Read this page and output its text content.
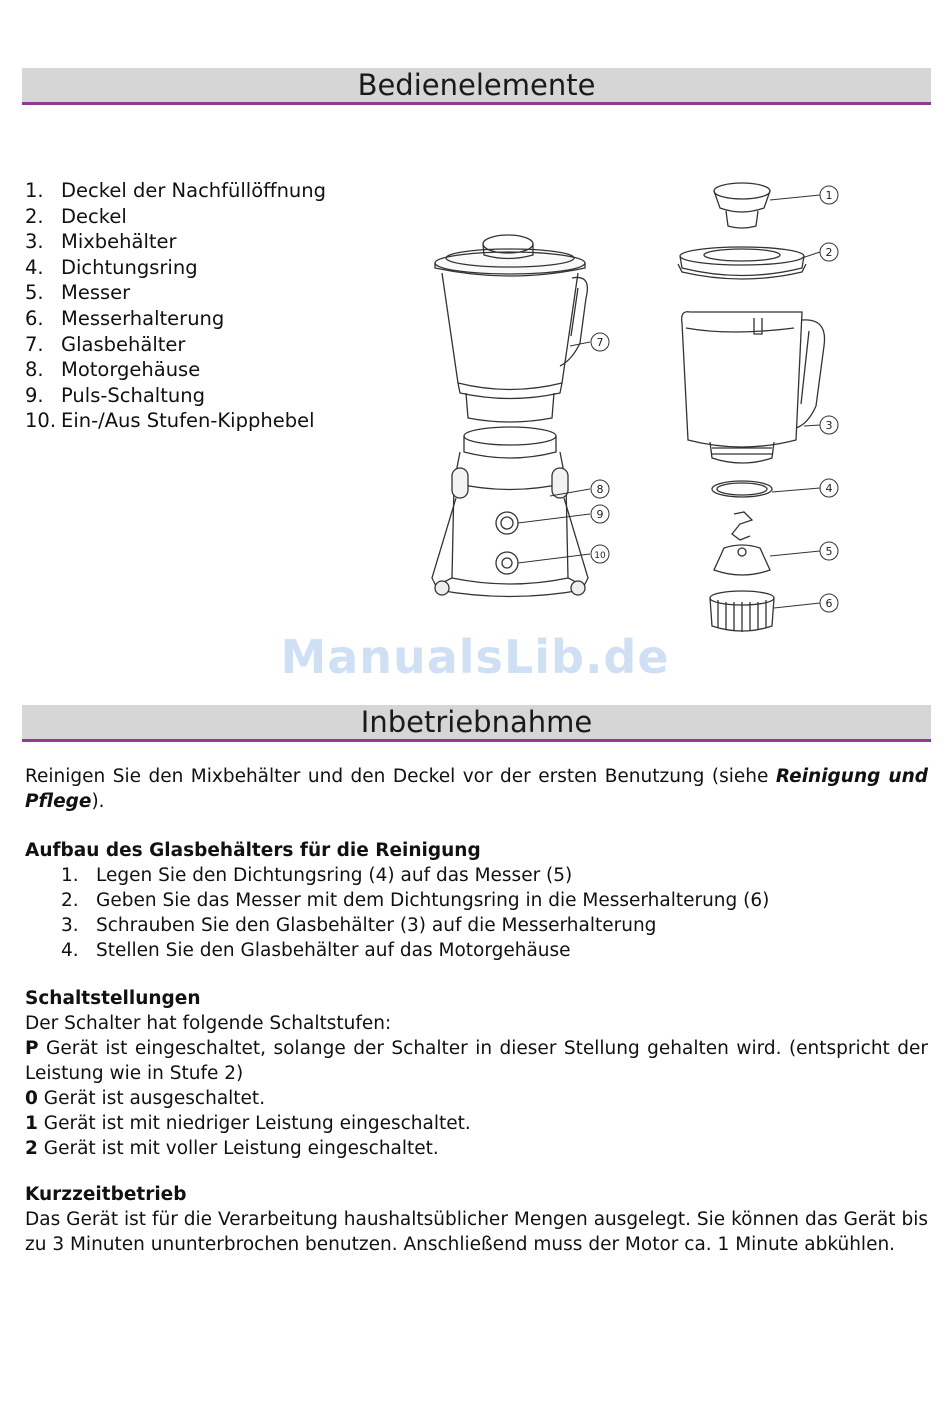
Bedienelemente
1. Deckel der Nachfüllöffnung
2. Deckel
3. Mixbehälter
4. Dichtungsring
5. Messer
6. Messerhalterung
7. Glasbehälter
8. Motorgehäuse
9. Puls-Schaltung
10. Ein-/Aus Stufen-Kipphebel
1
2
3
4
5
6
7
8
9
10
ManualsLib.de
Inbetriebnahme
Reinigen Sie den Mixbehälter und den Deckel vor der ersten Benutzung (siehe Reinigung und Pflege).
Aufbau des Glasbehälters für die Reinigung
1. Legen Sie den Dichtungsring (4) auf das Messer (5)
2. Geben Sie das Messer mit dem Dichtungsring in die Messerhalterung (6)
3. Schrauben Sie den Glasbehälter (3) auf die Messerhalterung
4. Stellen Sie den Glasbehälter auf das Motorgehäuse
Schaltstellungen
Der Schalter hat folgende Schaltstufen:
P Gerät ist eingeschaltet, solange der Schalter in dieser Stellung gehalten wird. (entspricht der Leistung wie in Stufe 2)
0 Gerät ist ausgeschaltet.
1 Gerät ist mit niedriger Leistung eingeschaltet.
2 Gerät ist mit voller Leistung eingeschaltet.
Kurzzeitbetrieb
Das Gerät ist für die Verarbeitung haushaltsüblicher Mengen ausgelegt. Sie können das Gerät bis zu 3 Minuten ununterbrochen benutzen. Anschließend muss der Motor ca. 1 Minute abkühlen.
